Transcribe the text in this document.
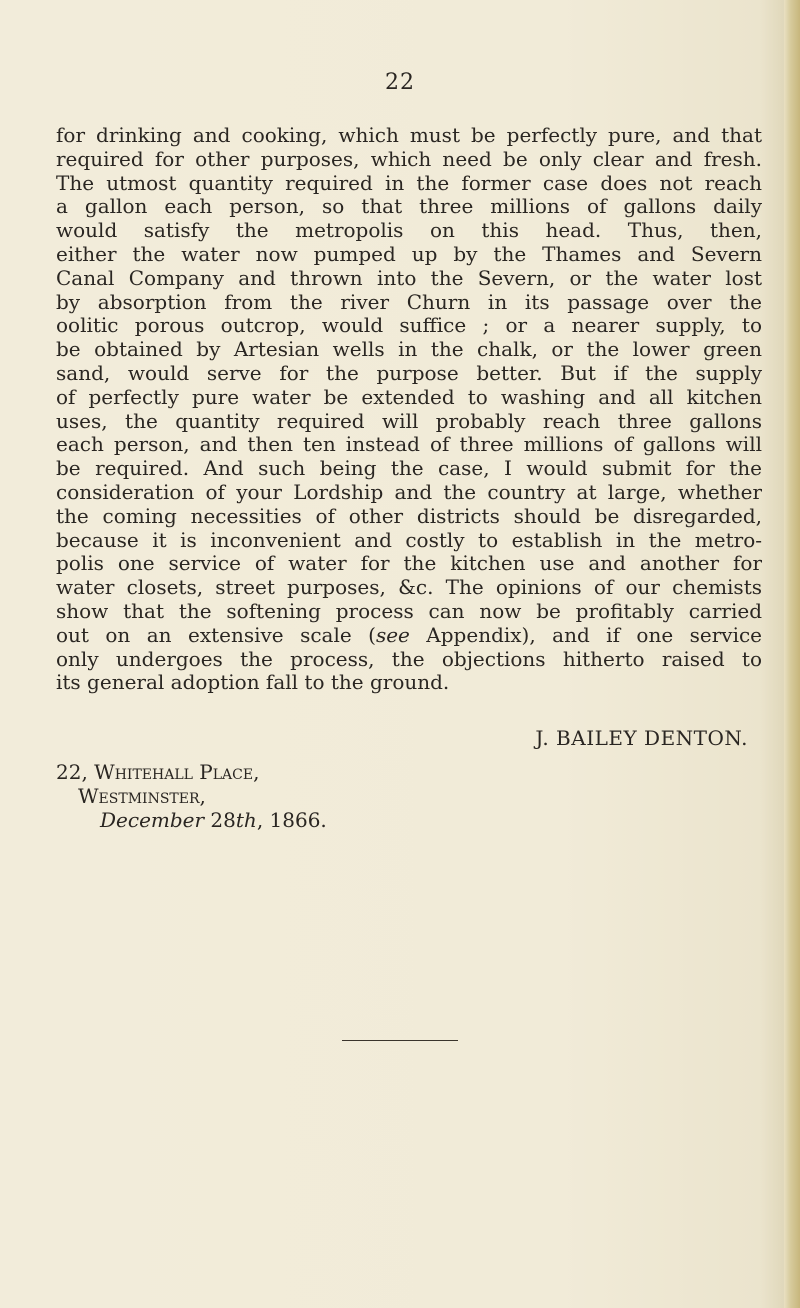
22
for drinking and cooking, which must be perfectly pure, and that
required for other purposes, which need be only clear and fresh.
The utmost quantity required in the former case does not reach
a gallon each person, so that three millions of gallons daily
would satisfy the metropolis on this head. Thus, then,
either the water now pumped up by the Thames and Severn
Canal Company and thrown into the Severn, or the water lost
by absorption from the river Churn in its passage over the
oolitic porous outcrop, would suffice ; or a nearer supply, to
be obtained by Artesian wells in the chalk, or the lower green
sand, would serve for the purpose better. But if the supply
of perfectly pure water be extended to washing and all kitchen
uses, the quantity required will probably reach three gallons
each person, and then ten instead of three millions of gallons will
be required. And such being the case, I would submit for the
consideration of your Lordship and the country at large, whether
the coming necessities of other districts should be disregarded,
because it is inconvenient and costly to establish in the metro-
polis one service of water for the kitchen use and another for
water closets, street purposes, &c. The opinions of our chemists
show that the softening process can now be profitably carried
out on an extensive scale (see Appendix), and if one service
only undergoes the process, the objections hitherto raised to
its general adoption fall to the ground.
J. BAILEY DENTON.
22, Whitehall Place,
Westminster,
December 28th, 1866.
